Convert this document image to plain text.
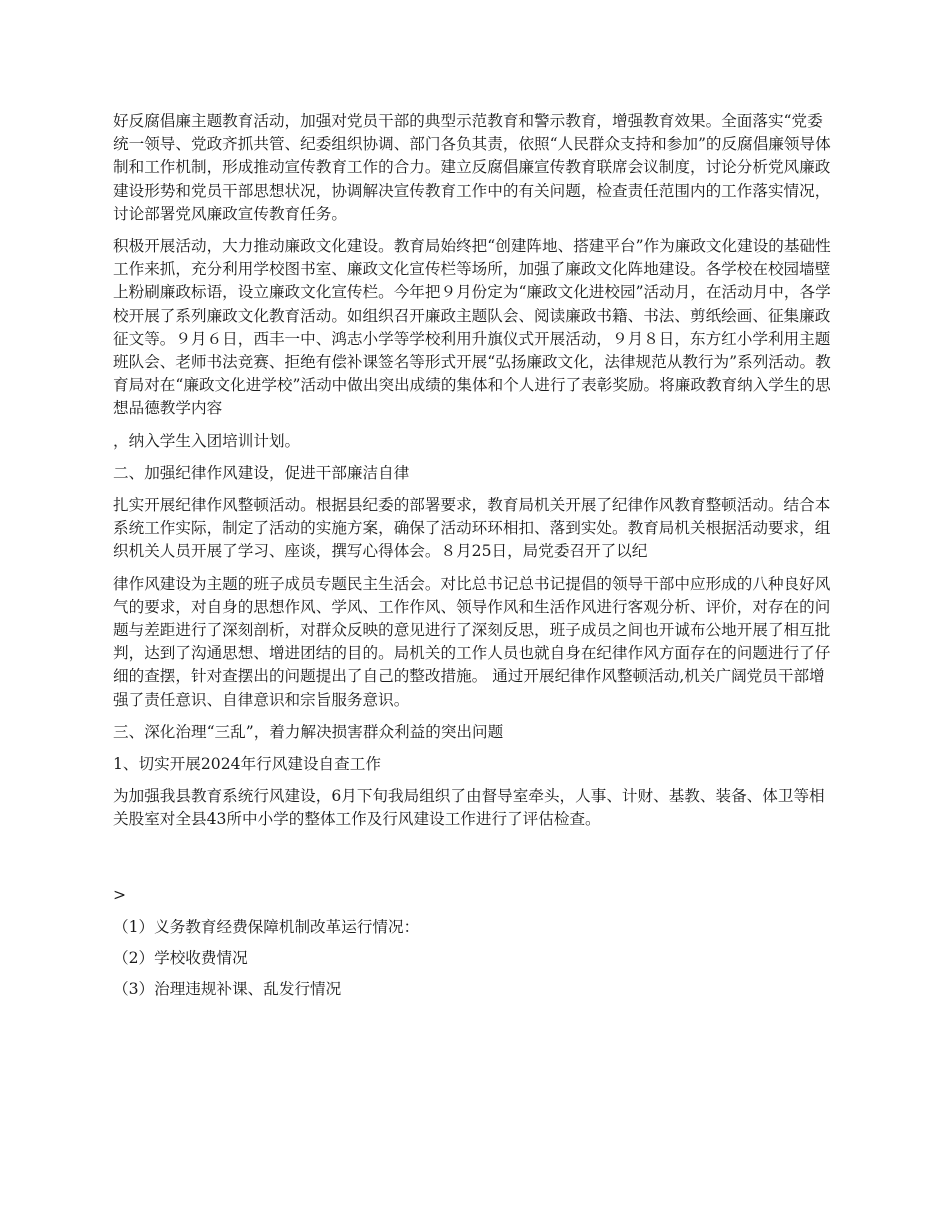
好反腐倡廉主题教育活动，加强对党员干部的典型示范教育和警示教育，增强教育效果。全面落实“党委统一领导、党政齐抓共管、纪委组织协调、部门各负其责，依照“人民群众支持和参加”的反腐倡廉领导体制和工作机制，形成推动宣传教育工作的合力。建立反腐倡廉宣传教育联席会议制度，讨论分析党风廉政建设形势和党员干部思想状况，协调解决宣传教育工作中的有关问题，检查责任范围内的工作落实情况，讨论部署党风廉政宣传教育任务。

积极开展活动，大力推动廉政文化建设。教育局始终把“创建阵地、搭建平台”作为廉政文化建设的基础性工作来抓，充分利用学校图书室、廉政文化宣传栏等场所，加强了廉政文化阵地建设。各学校在校园墙壁上粉刷廉政标语，设立廉政文化宣传栏。今年把９月份定为“廉政文化进校园”活动月，在活动月中，各学校开展了系列廉政文化教育活动。如组织召开廉政主题队会、阅读廉政书籍、书法、剪纸绘画、征集廉政征文等。９月６日，西丰一中、鸿志小学等学校利用升旗仪式开展活动，９月８日，东方红小学利用主题班队会、老师书法竞赛、拒绝有偿补课签名等形式开展“弘扬廉政文化，法律规范从教行为”系列活动。教育局对在“廉政文化进学校”活动中做出突出成绩的集体和个人进行了表彰奖励。将廉政教育纳入学生的思想品德教学内容

，纳入学生入团培训计划。

二、加强纪律作风建设，促进干部廉洁自律

扎实开展纪律作风整顿活动。根据县纪委的部署要求，教育局机关开展了纪律作风教育整顿活动。结合本系统工作实际，制定了活动的实施方案，确保了活动环环相扣、落到实处。教育局机关根据活动要求，组织机关人员开展了学习、座谈，撰写心得体会。８月25日，局党委召开了以纪

律作风建设为主题的班子成员专题民主生活会。对比总书记总书记提倡的领导干部中应形成的八种良好风气的要求，对自身的思想作风、学风、工作作风、领导作风和生活作风进行客观分析、评价，对存在的问题与差距进行了深刻剖析，对群众反映的意见进行了深刻反思，班子成员之间也开诚布公地开展了相互批判，达到了沟通思想、增进团结的目的。局机关的工作人员也就自身在纪律作风方面存在的问题进行了仔细的查摆，针对查摆出的问题提出了自己的整改措施。 通过开展纪律作风整顿活动,机关广阔党员干部增强了责任意识、自律意识和宗旨服务意识。

三、深化治理“三乱”，着力解决损害群众利益的突出问题

1、切实开展2024年行风建设自查工作

为加强我县教育系统行风建设，6月下旬我局组织了由督导室牵头，人事、计财、基教、装备、体卫等相关股室对全县43所中小学的整体工作及行风建设工作进行了评估检查。

>

（1）义务教育经费保障机制改革运行情况：

（2）学校收费情况

（3）治理违规补课、乱发行情况
